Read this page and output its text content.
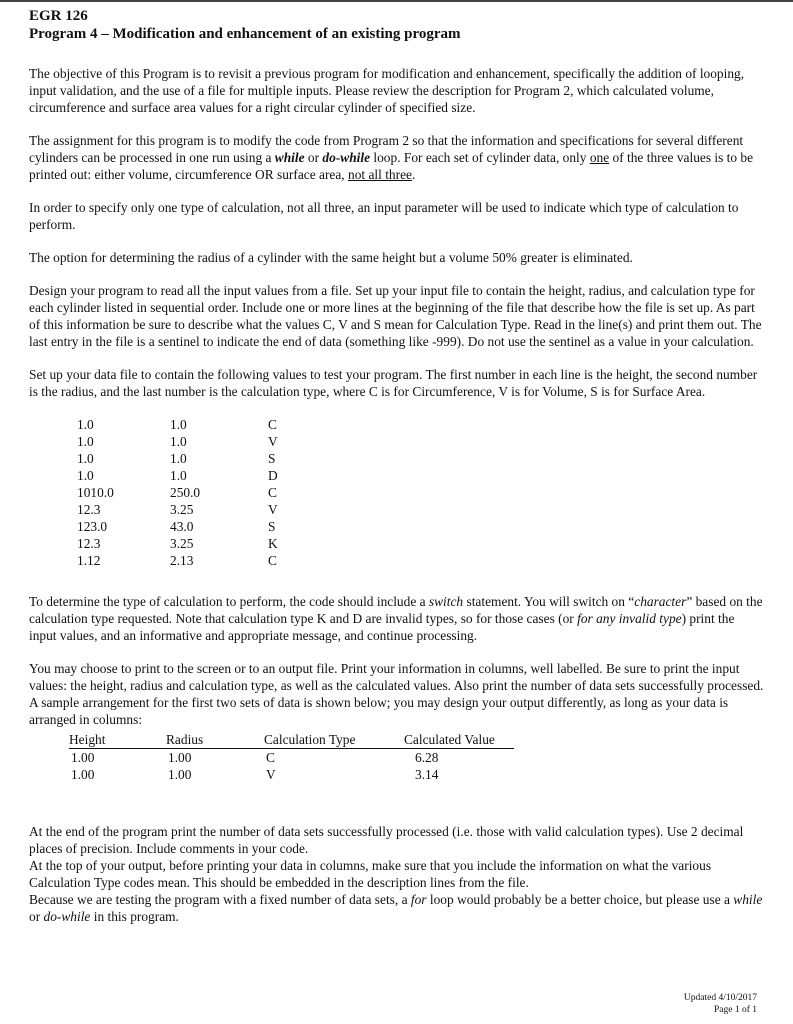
EGR 126
Program 4 – Modification and enhancement of an existing program

The objective of this Program is to revisit a previous program for modification and enhancement, specifically the addition of looping, input validation, and the use of a file for multiple inputs. Please review the description for Program 2, which calculated volume, circumference and surface area values for a right circular cylinder of specified size.

The assignment for this program is to modify the code from Program 2 so that the information and specifications for several different cylinders can be processed in one run using a while or do-while loop. For each set of cylinder data, only one of the three values is to be printed out: either volume, circumference OR surface area, not all three.

In order to specify only one type of calculation, not all three, an input parameter will be used to indicate which type of calculation to perform.

The option for determining the radius of a cylinder with the same height but a volume 50% greater is eliminated.

Design your program to read all the input values from a file. Set up your input file to contain the height, radius, and calculation type for each cylinder listed in sequential order. Include one or more lines at the beginning of the file that describe how the file is set up. As part of this information be sure to describe what the values C, V and S mean for Calculation Type. Read in the line(s) and print them out. The last entry in the file is a sentinel to indicate the end of data (something like -999). Do not use the sentinel as a value in your calculation.

Set up your data file to contain the following values to test your program. The first number in each line is the height, the second number is the radius, and the last number is the calculation type, where C is for Circumference, V is for Volume, S is for Surface Area.

1.0	1.0	C
1.0	1.0	V
1.0	1.0	S
1.0	1.0	D
1010.0	250.0	C
12.3	3.25	V
123.0	43.0	S
12.3	3.25	K
1.12	2.13	C

To determine the type of calculation to perform, the code should include a switch statement. You will switch on “character” based on the calculation type requested. Note that calculation type K and D are invalid types, so for those cases (or for any invalid type) print the input values, and an informative and appropriate message, and continue processing.

You may choose to print to the screen or to an output file. Print your information in columns, well labelled. Be sure to print the input values: the height, radius and calculation type, as well as the calculated values. Also print the number of data sets successfully processed. A sample arrangement for the first two sets of data is shown below; you may design your output differently, as long as your data is arranged in columns:

Height	Radius	Calculation Type	Calculated Value
1.00	1.00	C	6.28
1.00	1.00	V	3.14

At the end of the program print the number of data sets successfully processed (i.e. those with valid calculation types). Use 2 decimal places of precision. Include comments in your code.

At the top of your output, before printing your data in columns, make sure that you include the information on what the various Calculation Type codes mean. This should be embedded in the description lines from the file.

Because we are testing the program with a fixed number of data sets, a for loop would probably be a better choice, but please use a while or do-while in this program.

Updated 4/10/2017
Page 1 of 1
